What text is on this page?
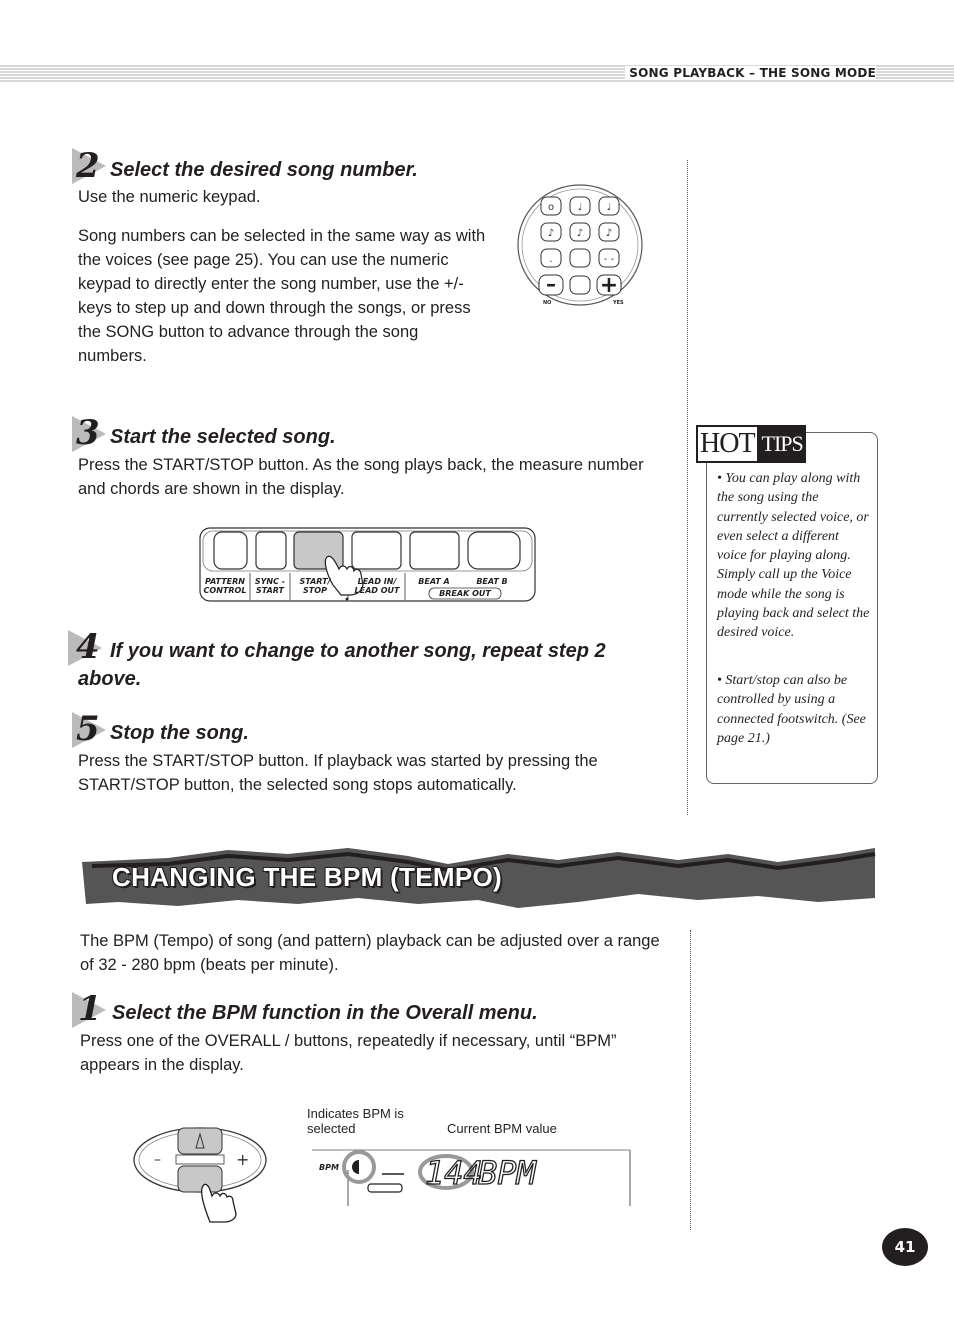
SONG PLAYBACK – THE SONG MODE
2 Select the desired song number.
Use the numeric keypad.
Song numbers can be selected in the same way as with the voices (see page 25). You can use the numeric keypad to directly enter the song number, use the +/- keys to step up and down through the songs, or press the SONG button to advance through the song numbers.
o ♩ ♩
♪ ♪ ♪
.	- -
– +
NO	YES
3 Start the selected song.
Press the START/STOP button. As the song plays back, the measure number and chords are shown in the display.
PATTERN CONTROL
SYNC - START
START/ STOP
LEAD IN/ LEAD OUT
BEAT A	BEAT B
BREAK OUT
4 If you want to change to another song, repeat step 2 above.
5 Stop the song.
Press the START/STOP button. If playback was started by pressing the START/STOP button, the selected song stops automatically.
HOT TIPS
• You can play along with the song using the currently selected voice, or even select a different voice for playing along. Simply call up the Voice mode while the song is playing back and select the desired voice.
• Start/stop can also be controlled by using a connected footswitch. (See page 21.)
CHANGING THE BPM (TEMPO)
The BPM (Tempo) of song (and pattern) playback can be adjusted over a range of 32 - 280 bpm (beats per minute).
1 Select the BPM function in the Overall menu.
Press one of the OVERALL / buttons, repeatedly if necessary, until “BPM” appears in the display.
–	+
Indicates BPM is selected	Current BPM value
BPM	144
BPM
41
